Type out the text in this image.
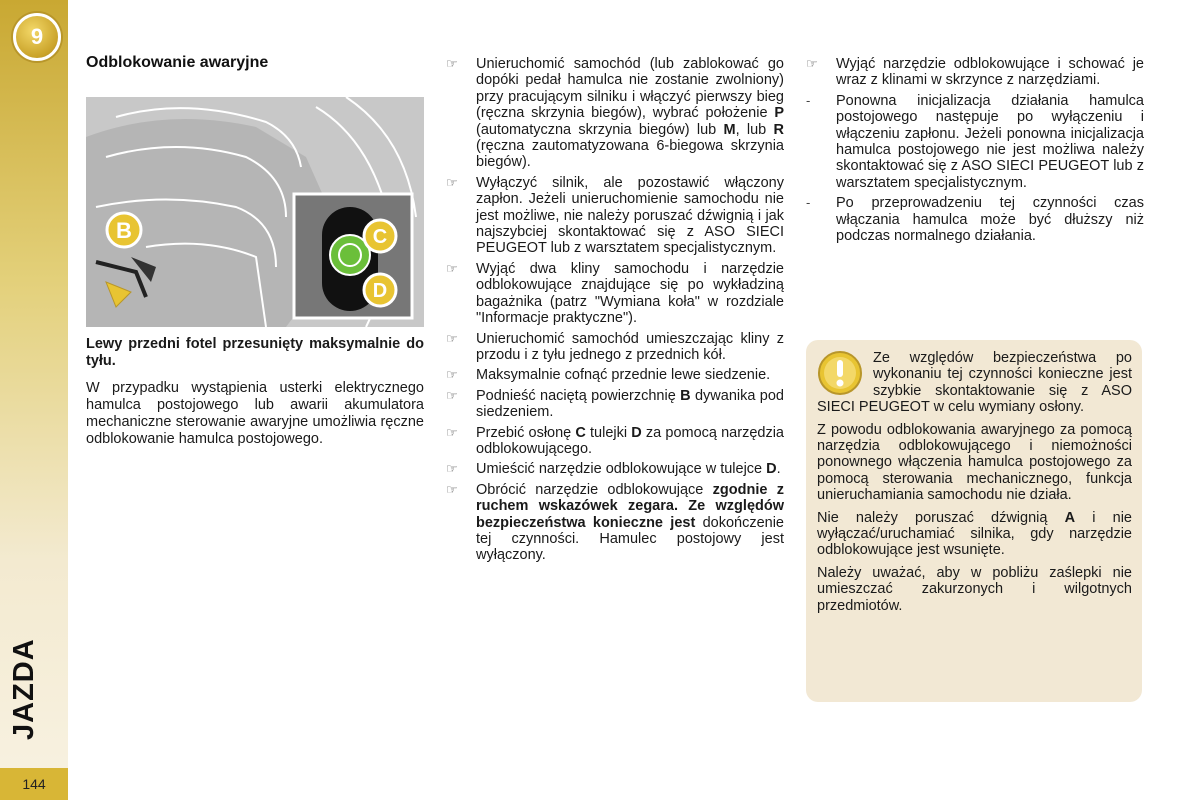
9
JAZDA
144
Odblokowanie awaryjne
B	C
D

Lewy przedni fotel przesunięty maksymalnie do tyłu.

W przypadku wystąpienia usterki elektrycznego hamulca postojowego lub awarii akumulatora mechaniczne sterowanie awaryjne umożliwia ręczne odblokowanie hamulca postojowego.

☞	Unieruchomić samochód (lub zablokować go dopóki pedał hamulca nie zostanie zwolniony) przy pracującym silniku i włączyć pierwszy bieg (ręczna skrzynia biegów), wybrać położenie P (automatyczna skrzynia biegów) lub M, lub R (ręczna zautomatyzowana 6-biegowa skrzynia biegów).
☞	Wyłączyć silnik, ale pozostawić włączony zapłon. Jeżeli unieruchomienie samochodu nie jest możliwe, nie należy poruszać dźwignią i jak najszybciej skontaktować się z ASO SIECI PEUGEOT lub z warsztatem specjalistycznym.
☞	Wyjąć dwa kliny samochodu i narzędzie odblokowujące znajdujące się po wykładziną bagażnika (patrz "Wymiana koła" w rozdziale "Informacje praktyczne").
☞	Unieruchomić samochód umieszczając kliny z przodu i z tyłu jednego z przednich kół.
☞	Maksymalnie cofnąć przednie lewe siedzenie.
☞	Podnieść naciętą powierzchnię B dywanika pod siedzeniem.
☞	Przebić osłonę C tulejki D za pomocą narzędzia odblokowującego.
☞	Umieścić narzędzie odblokowujące w tulejce D.
☞	Obrócić narzędzie odblokowujące zgodnie z ruchem wskazówek zegara. Ze względów bezpieczeństwa konieczne jest dokończenie tej czynności. Hamulec postojowy jest wyłączony.
☞	Wyjąć narzędzie odblokowujące i schować je wraz z klinami w skrzynce z narzędziami.
-	Ponowna inicjalizacja działania hamulca postojowego następuje po wyłączeniu i włączeniu zapłonu. Jeżeli ponowna inicjalizacja hamulca postojowego nie jest możliwa należy skontaktować się z ASO SIECI PEUGEOT lub z warsztatem specjalistycznym.
-	Po przeprowadzeniu tej czynności czas włączania hamulca może być dłuższy niż podczas normalnego działania.

Ze względów bezpieczeństwa po wykonaniu tej czynności konieczne jest szybkie skontaktowanie się z ASO SIECI PEUGEOT w celu wymiany osłony.

Z powodu odblokowania awaryjnego za pomocą narzędzia odblokowującego i niemożności ponownego włączenia hamulca postojowego za pomocą sterowania mechanicznego, funkcja unieruchamiania samochodu nie działa.

Nie należy poruszać dźwignią A i nie wyłączać/uruchamiać silnika, gdy narzędzie odblokowujące jest wsunięte.

Należy uważać, aby w pobliżu zaślepki nie umieszczać zakurzonych i wilgotnych przedmiotów.
